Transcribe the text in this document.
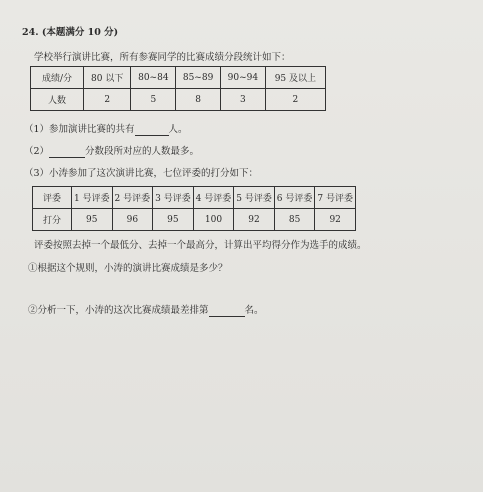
24. (本题满分 10 分)
学校举行演讲比赛，所有参赛同学的比赛成绩分段统计如下：
成绩/分	80 以下	80~84	85~89	90~94	95 及以上
人数	2	5	8	3	2
（1）参加演讲比赛的共有	人。
（2）	分数段所对应的人数最多。
（3）小涛参加了这次演讲比赛，七位评委的打分如下：
评委	1 号评委	2 号评委	3 号评委	4 号评委	5 号评委	6 号评委	7 号评委
打分	95	96	95	100	92	85	92
评委按照去掉一个最低分、去掉一个最高分，计算出平均得分作为选手的成绩。
①根据这个规则，小涛的演讲比赛成绩是多少？
②分析一下，小涛的这次比赛成绩最差排第	名。
